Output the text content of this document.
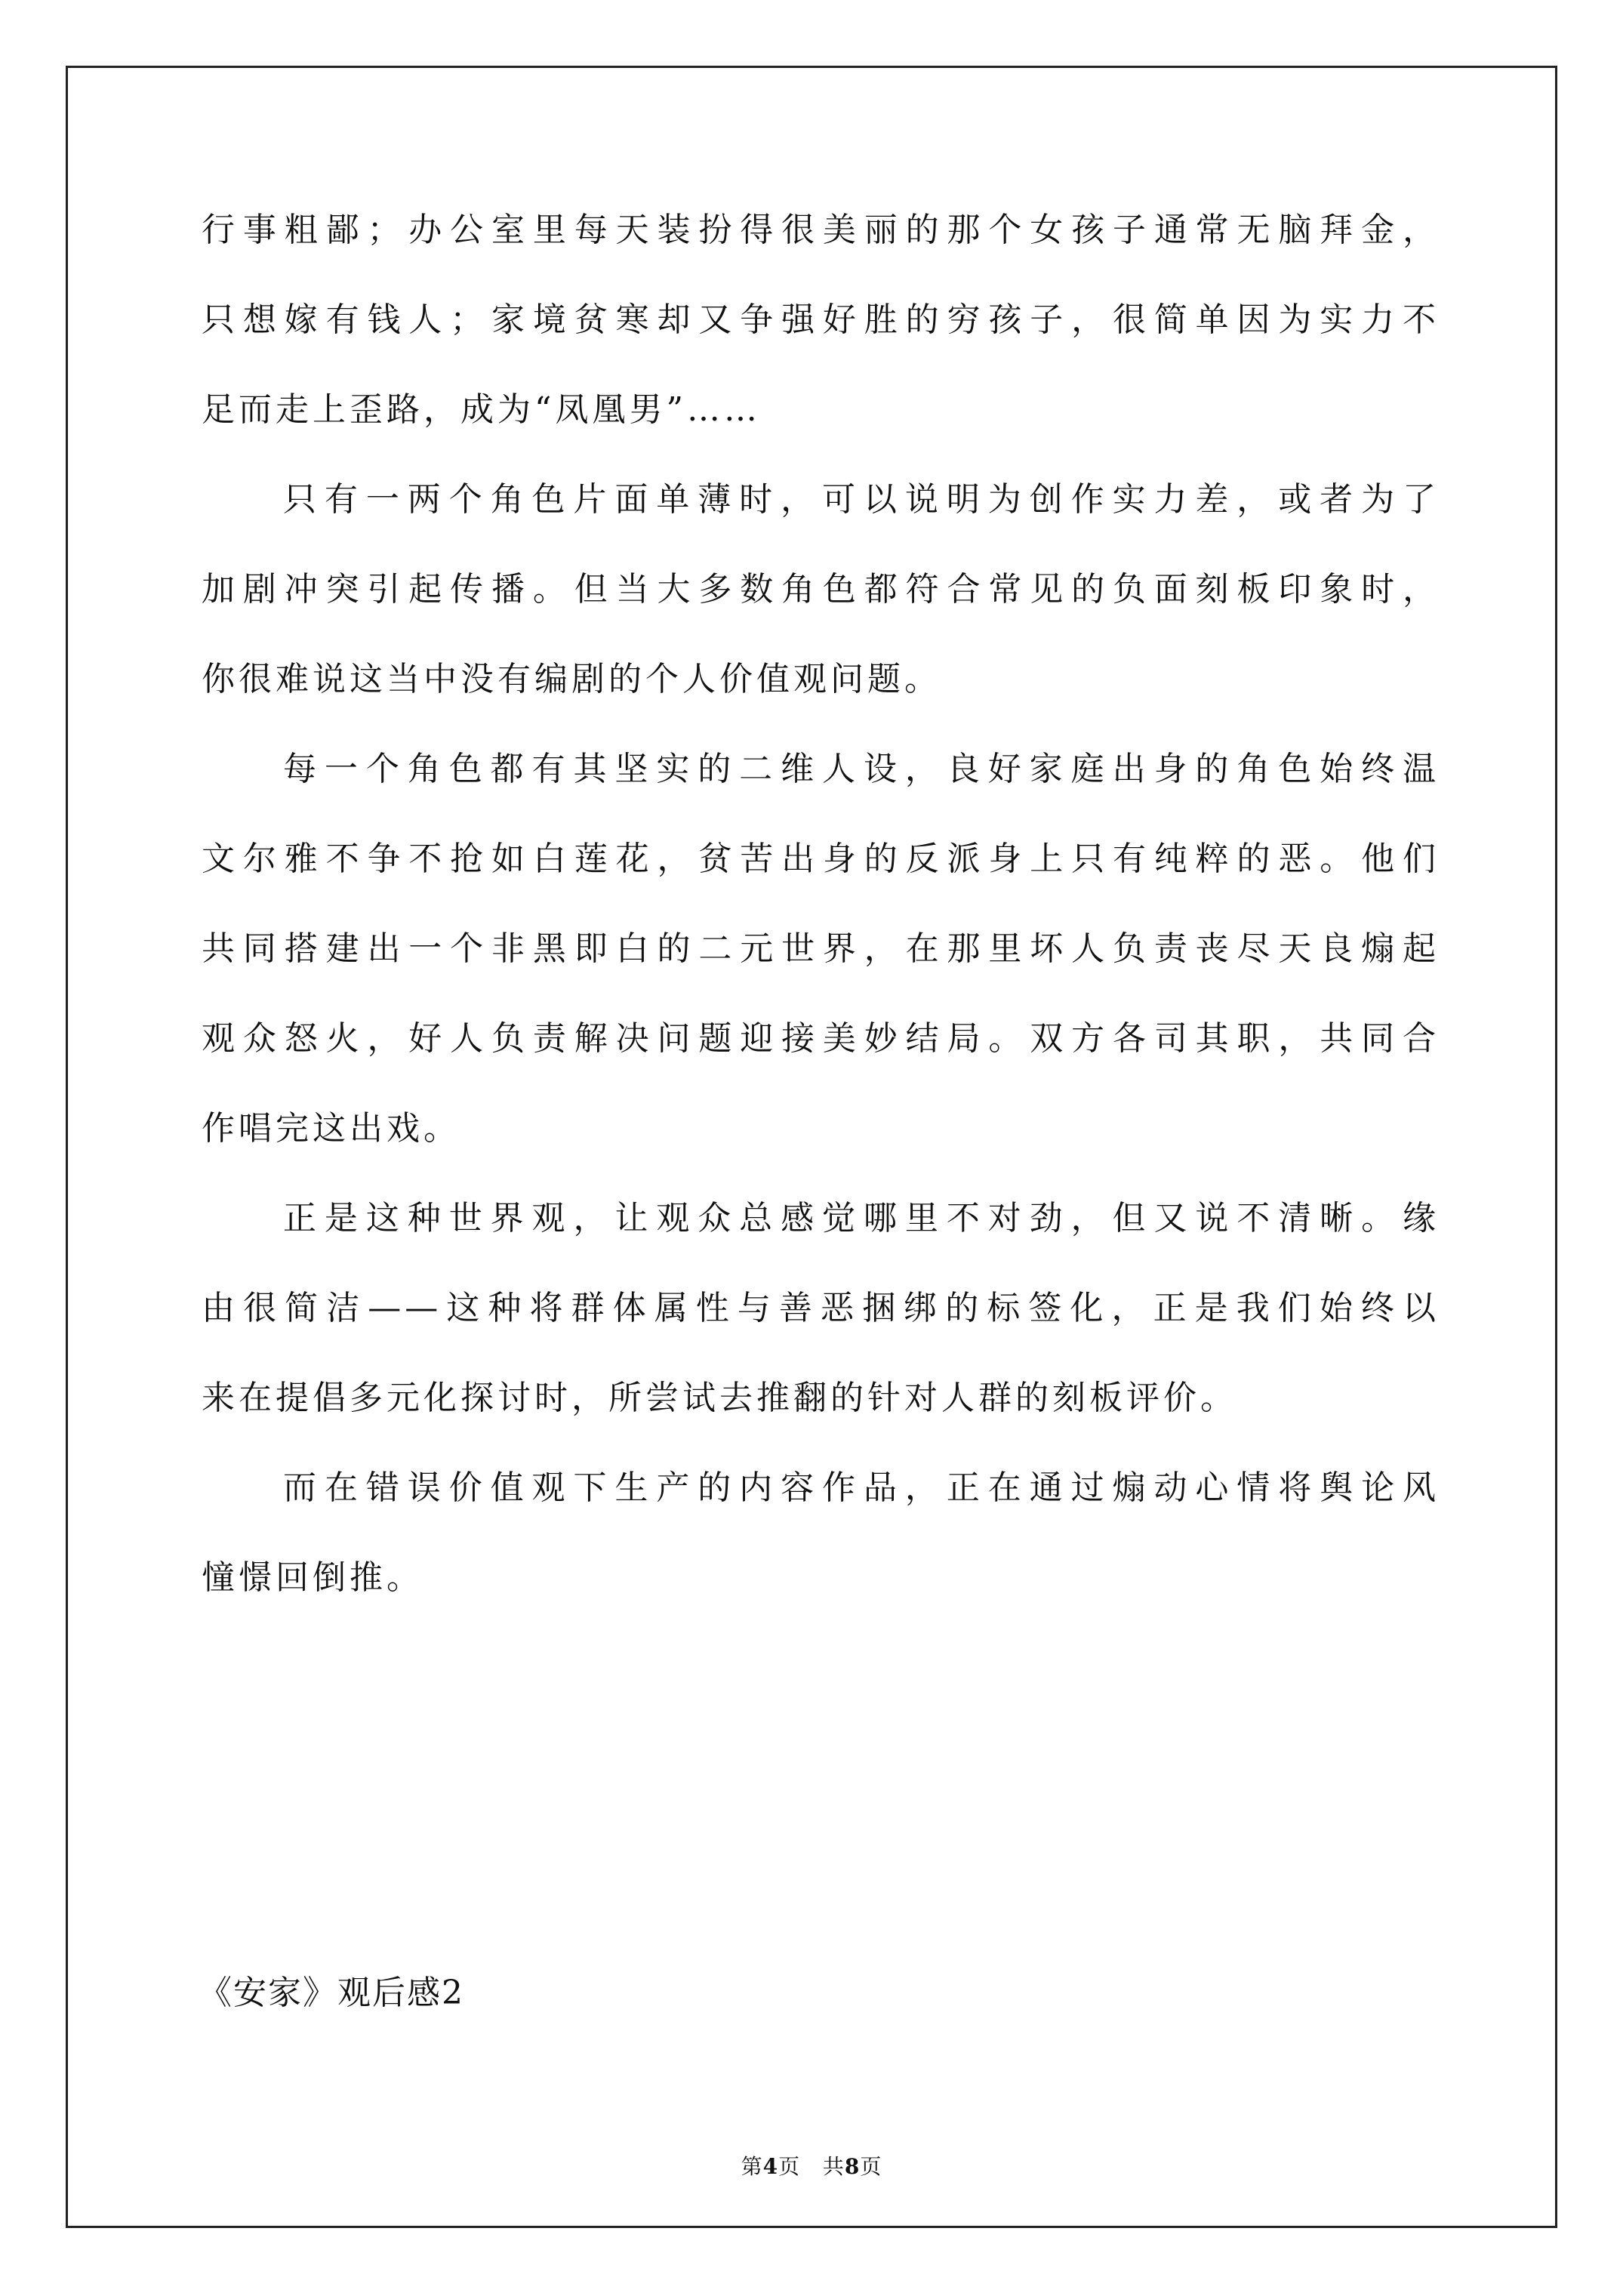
行事粗鄙；办公室里每天装扮得很美丽的那个女孩子通常无脑拜金，
只想嫁有钱人；家境贫寒却又争强好胜的穷孩子，很简单因为实力不
足而走上歪路，成为“凤凰男”……
只有一两个角色片面单薄时，可以说明为创作实力差，或者为了
加剧冲突引起传播。但当大多数角色都符合常见的负面刻板印象时，
你很难说这当中没有编剧的个人价值观问题。
每一个角色都有其坚实的二维人设，良好家庭出身的角色始终温
文尔雅不争不抢如白莲花，贫苦出身的反派身上只有纯粹的恶。他们
共同搭建出一个非黑即白的二元世界，在那里坏人负责丧尽天良煽起
观众怒火，好人负责解决问题迎接美妙结局。双方各司其职，共同合
作唱完这出戏。
正是这种世界观，让观众总感觉哪里不对劲，但又说不清晰。缘
由很简洁——这种将群体属性与善恶捆绑的标签化，正是我们始终以
来在提倡多元化探讨时，所尝试去推翻的针对人群的刻板评价。
而在错误价值观下生产的内容作品，正在通过煽动心情将舆论风
憧憬回倒推。
《安家》观后感2
第4页 共8页
